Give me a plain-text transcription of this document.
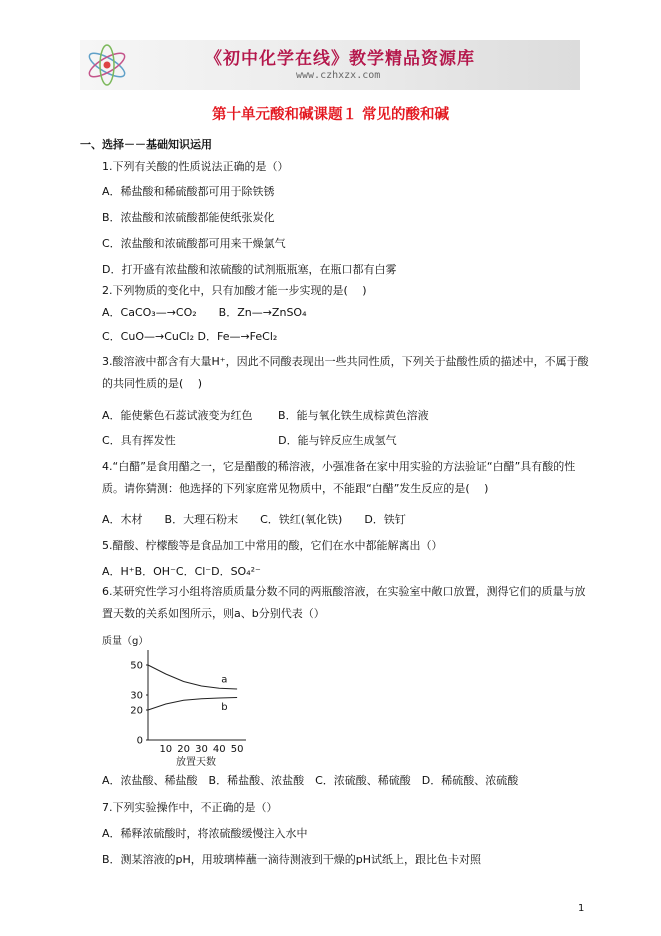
《初中化学在线》教学精品资源库
www.czhxzx.com
第十单元酸和碱课题１ 常见的酸和碱
一、选择－－基础知识运用
1.下列有关酸的性质说法正确的是（）
A．稀盐酸和稀硫酸都可用于除铁锈
B．浓盐酸和浓硫酸都能使纸张炭化
C．浓盐酸和浓硫酸都可用来干燥氯气
D．打开盛有浓盐酸和浓硫酸的试剂瓶瓶塞，在瓶口都有白雾
2.下列物质的变化中，只有加酸才能一步实现的是(　 )
A．CaCO₃—→CO₂　　B．Zn—→ZnSO₄
C．CuO—→CuCl₂ D．Fe—→FeCl₂
3.酸溶液中都含有大量H⁺，因此不同酸表现出一些共同性质，下列关于盐酸性质的描述中，不属于酸的共同性质的是(　 )
A．能使紫色石蕊试液变为红色　　 B．能与氧化铁生成棕黄色溶液
C．具有挥发性　　　　　　　　　 D．能与锌反应生成氢气
4.“白醋”是食用醋之一，它是醋酸的稀溶液，小强准备在家中用实验的方法验证“白醋”具有酸的性质。请你猜测：他选择的下列家庭常见物质中，不能跟“白醋”发生反应的是(　 )
A．木材　　B．大理石粉末　　C．铁红(氧化铁)　　D．铁钉
5.醋酸、柠檬酸等是食品加工中常用的酸，它们在水中都能解离出（）
A．H⁺B．OH⁻C．Cl⁻D．SO₄²⁻
6.某研究性学习小组将溶质质量分数不同的两瓶酸溶液，在实验室中敞口放置，测得它们的质量与放置天数的关系如图所示，则a、b分别代表（）
质量（g）
0
20
30
50
10 20 30 40 50
a
b
放置天数
A．浓盐酸、稀盐酸　B．稀盐酸、浓盐酸　C．浓硫酸、稀硫酸　D．稀硫酸、浓硫酸
7.下列实验操作中，不正确的是（）
A．稀释浓硫酸时，将浓硫酸缓慢注入水中
B．测某溶液的pH，用玻璃棒蘸一滴待测液到干燥的pH试纸上，跟比色卡对照
1
